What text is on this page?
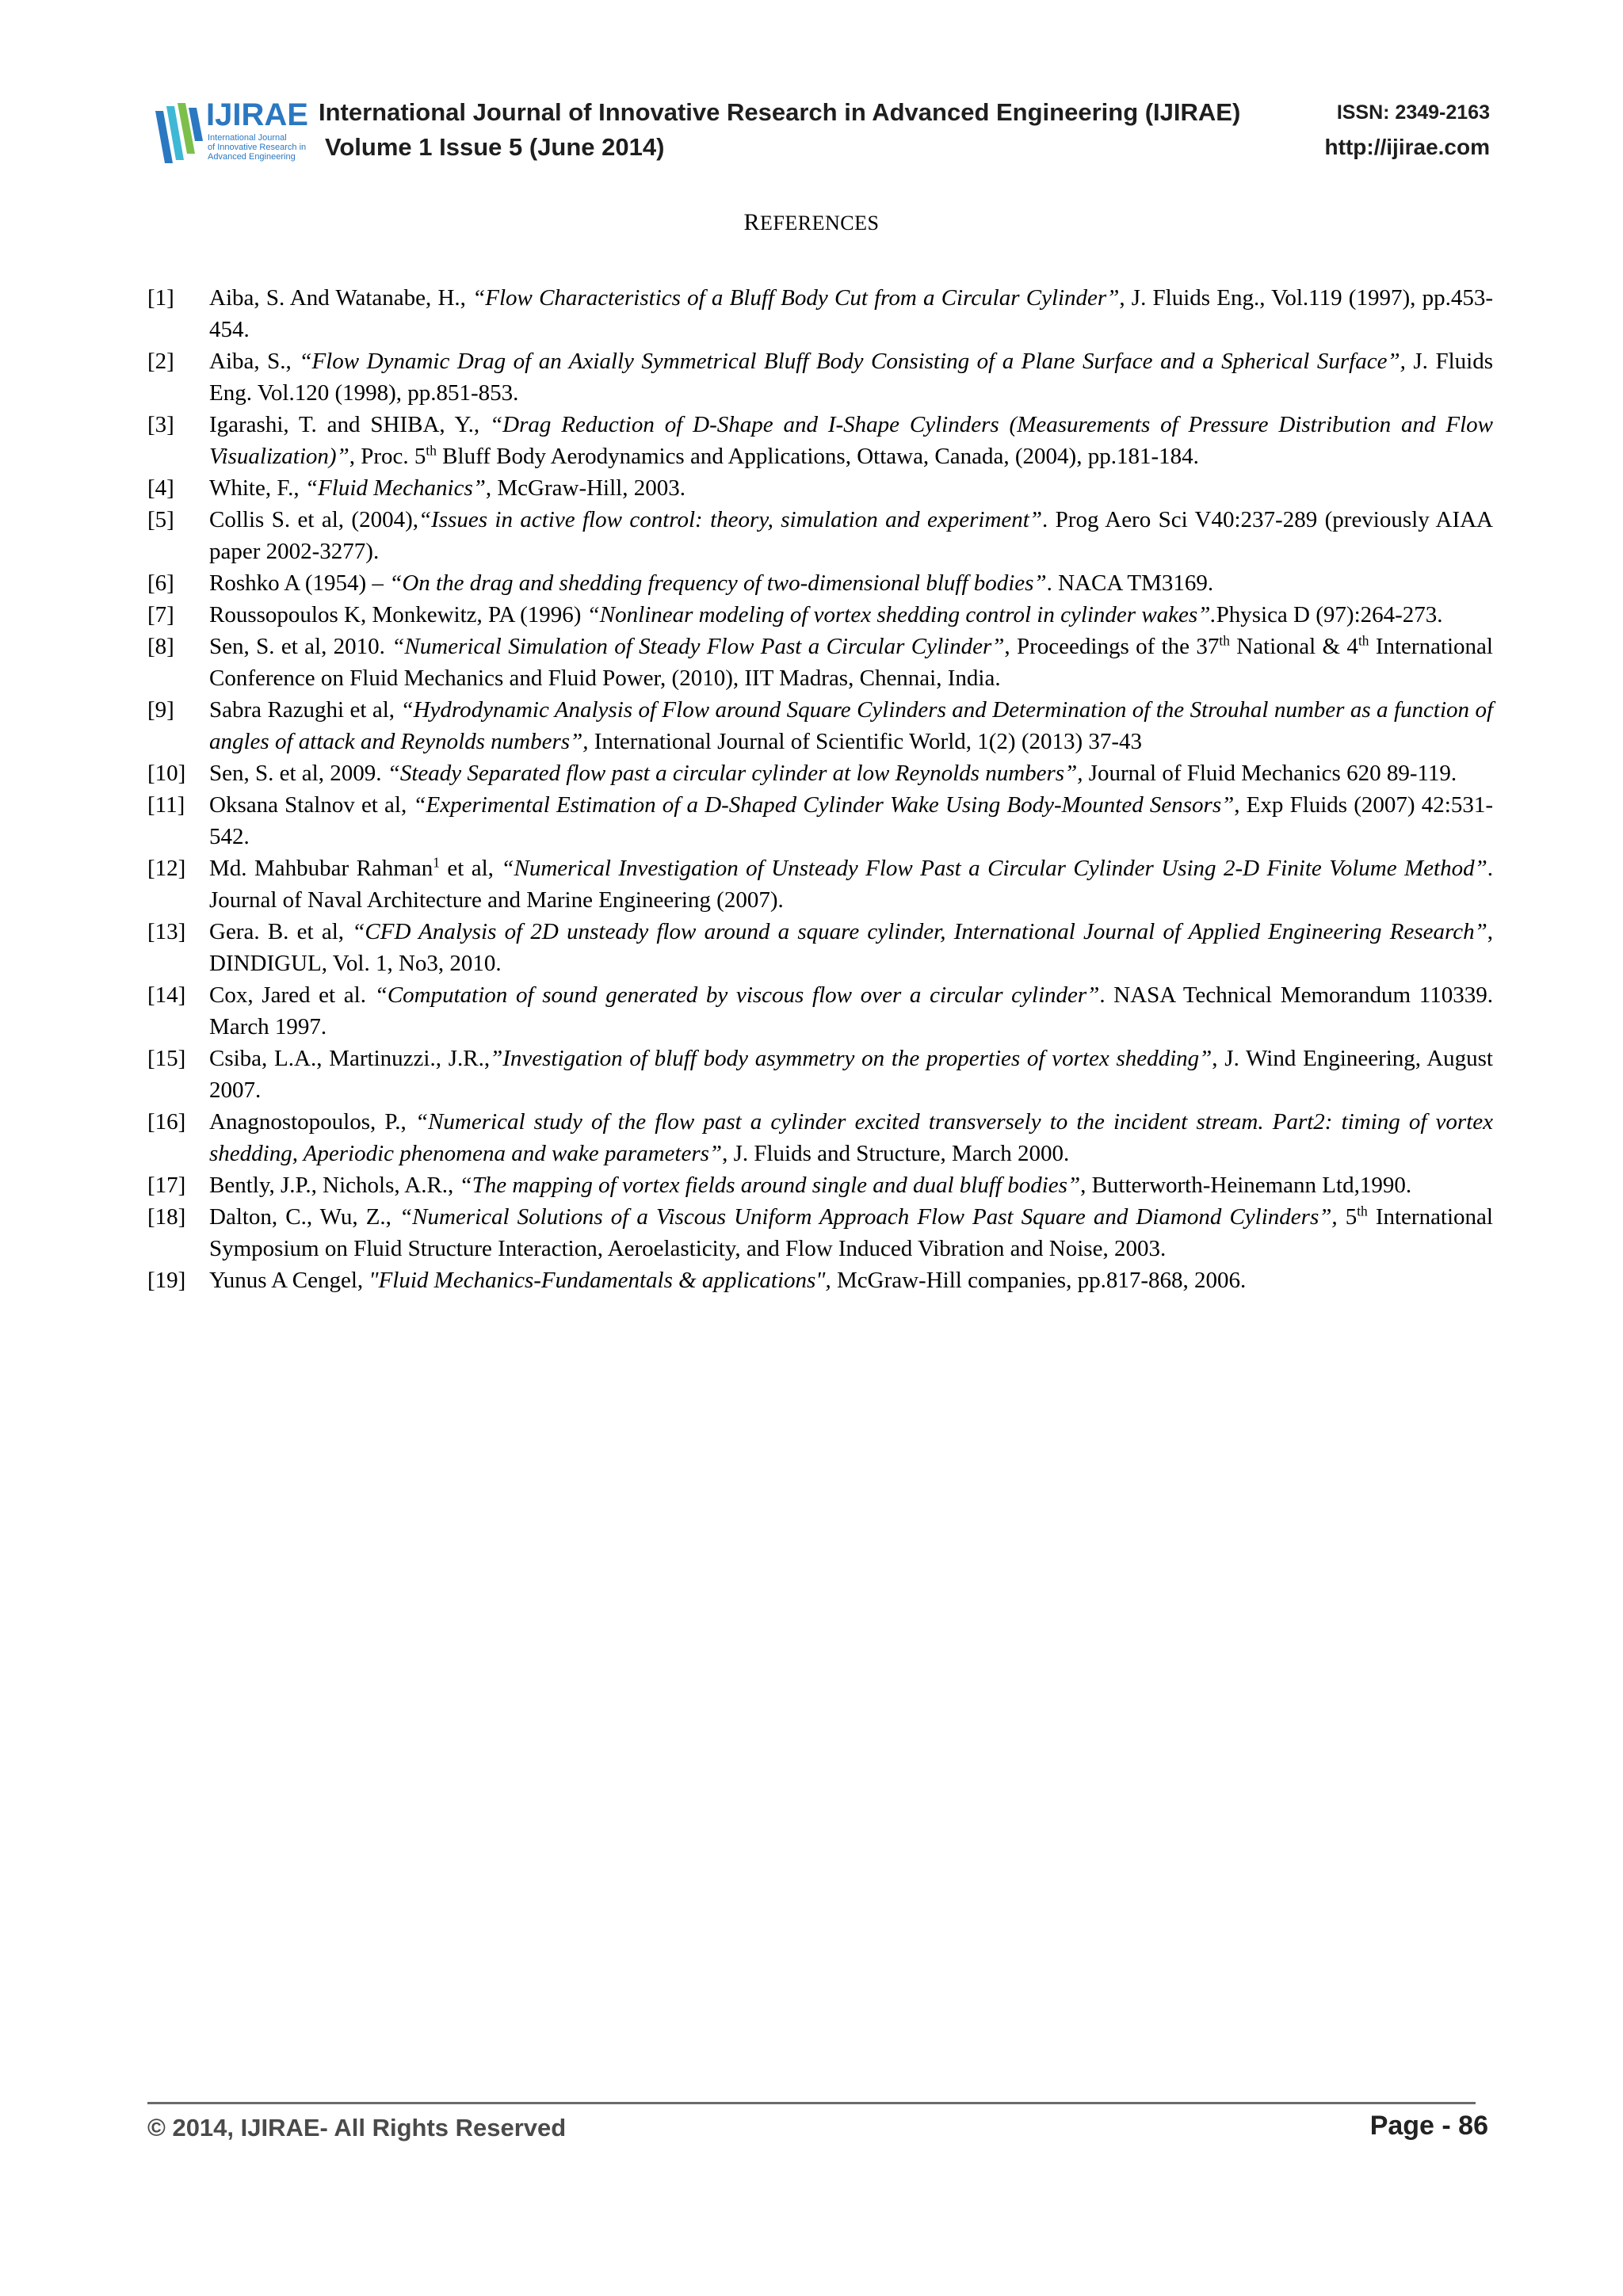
IJIRAE
International Journal
of Innovative Research in
Advanced Engineering
International Journal of Innovative Research in Advanced Engineering (IJIRAE)	ISSN: 2349-2163
Volume 1 Issue 5 (June 2014)	http://ijirae.com
REFERENCES
[1] Aiba, S. And Watanabe, H., “Flow Characteristics of a Bluff Body Cut from a Circular Cylinder”, J. Fluids Eng., Vol.119 (1997), pp.453-454.
[2] Aiba, S., “Flow Dynamic Drag of an Axially Symmetrical Bluff Body Consisting of a Plane Surface and a Spherical Surface”, J. Fluids Eng. Vol.120 (1998), pp.851-853.
[3] Igarashi, T. and SHIBA, Y., “Drag Reduction of D-Shape and I-Shape Cylinders (Measurements of Pressure Distribution and Flow Visualization)”, Proc. 5th Bluff Body Aerodynamics and Applications, Ottawa, Canada, (2004), pp.181-184.
[4] White, F., “Fluid Mechanics”, McGraw-Hill, 2003.
[5] Collis S. et al, (2004),“Issues in active flow control: theory, simulation and experiment”. Prog Aero Sci V40:237-289 (previously AIAA paper 2002-3277).
[6] Roshko A (1954) – “On the drag and shedding frequency of two-dimensional bluff bodies”. NACA TM3169.
[7] Roussopoulos K, Monkewitz, PA (1996) “Nonlinear modeling of vortex shedding control in cylinder wakes”.Physica D (97):264-273.
[8] Sen, S. et al, 2010. “Numerical Simulation of Steady Flow Past a Circular Cylinder”, Proceedings of the 37th National & 4th International Conference on Fluid Mechanics and Fluid Power, (2010), IIT Madras, Chennai, India.
[9] Sabra Razughi et al, “Hydrodynamic Analysis of Flow around Square Cylinders and Determination of the Strouhal number as a function of angles of attack and Reynolds numbers”, International Journal of Scientific World, 1(2) (2013) 37-43
[10] Sen, S. et al, 2009. “Steady Separated flow past a circular cylinder at low Reynolds numbers”, Journal of Fluid Mechanics 620 89-119.
[11] Oksana Stalnov et al, “Experimental Estimation of a D-Shaped Cylinder Wake Using Body-Mounted Sensors”, Exp Fluids (2007) 42:531-542.
[12] Md. Mahbubar Rahman$^1$ et al, “Numerical Investigation of Unsteady Flow Past a Circular Cylinder Using 2-D Finite Volume Method”. Journal of Naval Architecture and Marine Engineering (2007).
[13] Gera. B. et al, “CFD Analysis of 2D unsteady flow around a square cylinder, International Journal of Applied Engineering Research”, DINDIGUL, Vol. 1, No3, 2010.
[14] Cox, Jared et al. “Computation of sound generated by viscous flow over a circular cylinder”. NASA Technical Memorandum 110339. March 1997.
[15] Csiba, L.A., Martinuzzi., J.R.,”Investigation of bluff body asymmetry on the properties of vortex shedding”, J. Wind Engineering, August 2007.
[16] Anagnostopoulos, P., “Numerical study of the flow past a cylinder excited transversely to the incident stream. Part2: timing of vortex shedding, Aperiodic phenomena and wake parameters”, J. Fluids and Structure, March 2000.
[17] Bently, J.P., Nichols, A.R., “The mapping of vortex fields around single and dual bluff bodies”, Butterworth-Heinemann Ltd,1990.
[18] Dalton, C., Wu, Z., “Numerical Solutions of a Viscous Uniform Approach Flow Past Square and Diamond Cylinders”, 5th International Symposium on Fluid Structure Interaction, Aeroelasticity, and Flow Induced Vibration and Noise, 2003.
[19] Yunus A Cengel, "Fluid Mechanics-Fundamentals & applications", McGraw-Hill companies, pp.817-868, 2006.
© 2014, IJIRAE- All Rights Reserved	Page - 86
